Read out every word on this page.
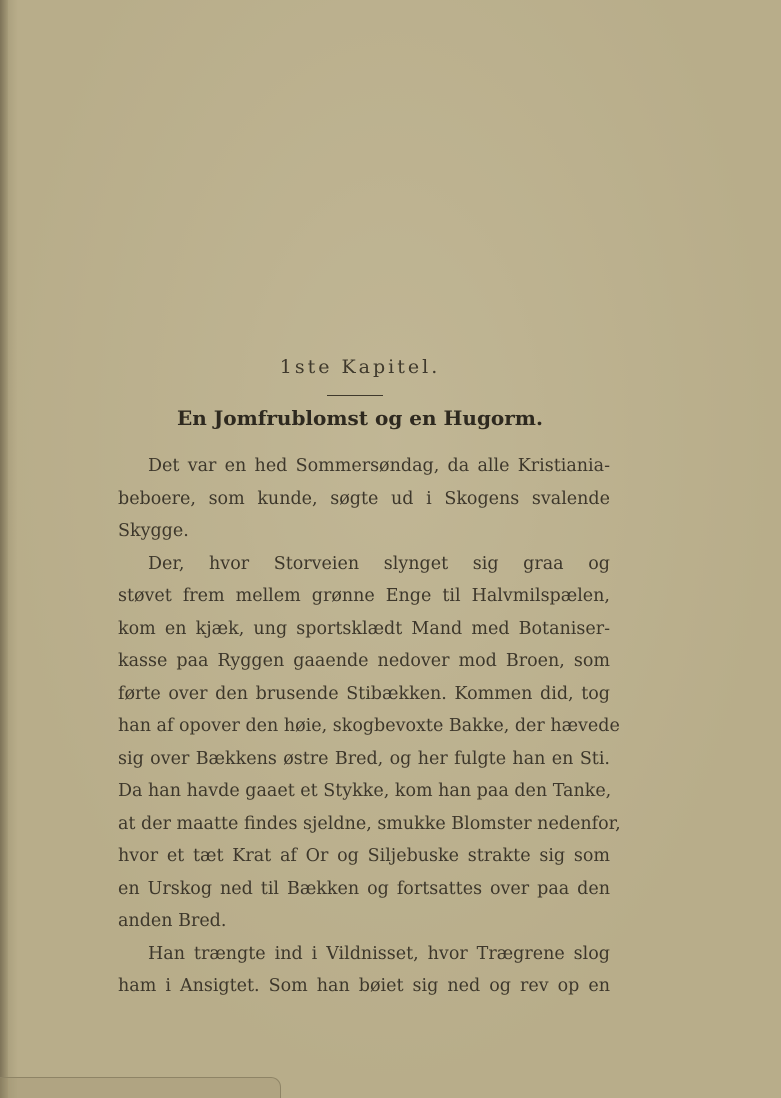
1ste Kapitel.
En Jomfrublomst og en Hugorm.
Det var en hed Sommersøndag, da alle Kristiania-
beboere, som kunde, søgte ud i Skogens svalende
Skygge.
Der, hvor Storveien slynget sig graa og
støvet frem mellem grønne Enge til Halvmilspælen,
kom en kjæk, ung sportsklædt Mand med Botaniser-
kasse paa Ryggen gaaende nedover mod Broen, som
førte over den brusende Stibækken. Kommen did, tog
han af opover den høie, skogbevoxte Bakke, der hævede
sig over Bækkens østre Bred, og her fulgte han en Sti.
Da han havde gaaet et Stykke, kom han paa den Tanke,
at der maatte findes sjeldne, smukke Blomster nedenfor,
hvor et tæt Krat af Or og Siljebuske strakte sig som
en Urskog ned til Bækken og fortsattes over paa den
anden Bred.
Han trængte ind i Vildnisset, hvor Trægrene slog
ham i Ansigtet. Som han bøiet sig ned og rev op en
